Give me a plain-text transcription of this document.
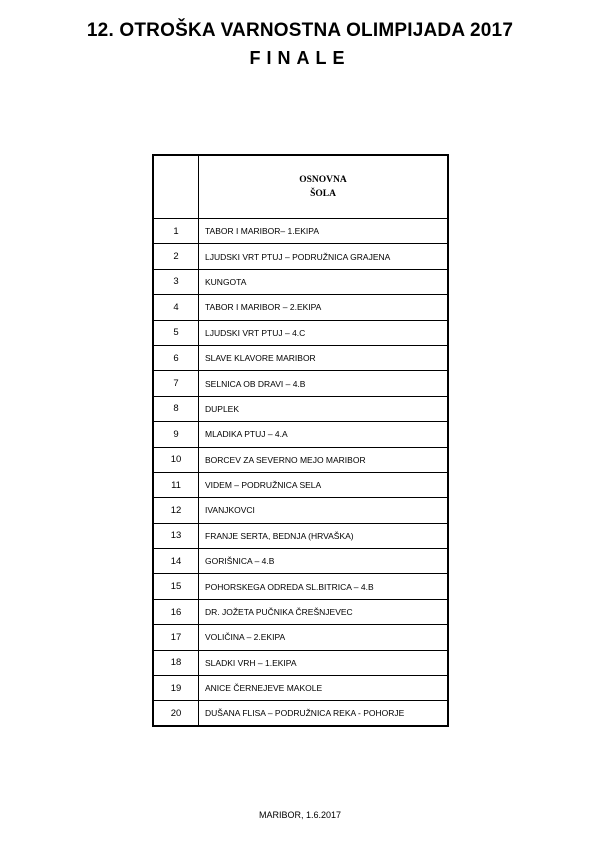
12. OTROŠKA VARNOSTNA OLIMPIJADA 2017
FINALE
	OSNOVNA
ŠOLA
1	TABOR I MARIBOR– 1.EKIPA
2	LJUDSKI VRT PTUJ – PODRUŽNICA GRAJENA
3	KUNGOTA
4	TABOR I MARIBOR – 2.EKIPA
5	LJUDSKI VRT PTUJ – 4.C
6	SLAVE KLAVORE MARIBOR
7	SELNICA OB DRAVI – 4.B
8	DUPLEK
9	MLADIKA PTUJ – 4.A
10	BORCEV ZA SEVERNO MEJO MARIBOR
11	VIDEM – PODRUŽNICA SELA
12	IVANJKOVCI
13	FRANJE SERTA, BEDNJA (HRVAŠKA)
14	GORIŠNICA – 4.B
15	POHORSKEGA ODREDA SL.BITRICA – 4.B
16	DR. JOŽETA PUČNIKA ČREŠNJEVEC
17	VOLIČINA – 2.EKIPA
18	SLADKI VRH – 1.EKIPA
19	ANICE ČERNEJEVE MAKOLE
20	DUŠANA FLISA – PODRUŽNICA REKA - POHORJE
MARIBOR, 1.6.2017
